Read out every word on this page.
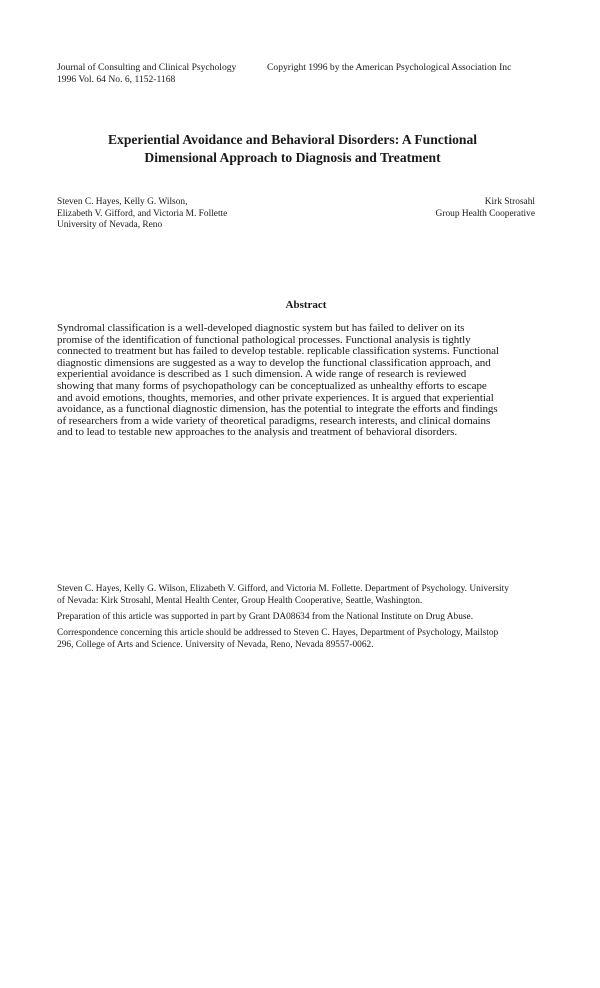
Journal of Consulting and Clinical Psychology	Copyright 1996 by the American Psychological Association Inc
1996 Vol. 64 No. 6, 1152-1168
Experiential Avoidance and Behavioral Disorders: A Functional
Dimensional Approach to Diagnosis and Treatment
Steven C. Hayes, Kelly G. Wilson,
Elizabeth V. Gifford, and Victoria M. Follette
University of Nevada, Reno
Kirk Strosahl
Group Health Cooperative
Abstract
Syndromal classification is a well-developed diagnostic system but has failed to deliver on its
promise of the identification of functional pathological processes. Functional analysis is tightly
connected to treatment but has failed to develop testable. replicable classification systems. Functional
diagnostic dimensions are suggested as a way to develop the functional classification approach, and
experiential avoidance is described as 1 such dimension. A wide range of research is reviewed
showing that many forms of psychopathology can be conceptualized as unhealthy efforts to escape
and avoid emotions, thoughts, memories, and other private experiences. It is argued that experiential
avoidance, as a functional diagnostic dimension, has the potential to integrate the efforts and findings
of researchers from a wide variety of theoretical paradigms, research interests, and clinical domains
and to lead to testable new approaches to the analysis and treatment of behavioral disorders.

Steven C. Hayes, Kelly G. Wilson, Elizabeth V. Gifford, and Victoria M. Follette. Department of Psychology. University
of Nevada: Kirk Strosahl, Mental Health Center, Group Health Cooperative, Seattle, Washington.

Preparation of this article was supported in part by Grant DA08634 from the National Institute on Drug Abuse.

Correspondence concerning this article should be addressed to Steven C. Hayes, Department of Psychology, Mailstop
296, College of Arts and Science. University of Nevada, Reno, Nevada 89557-0062.
